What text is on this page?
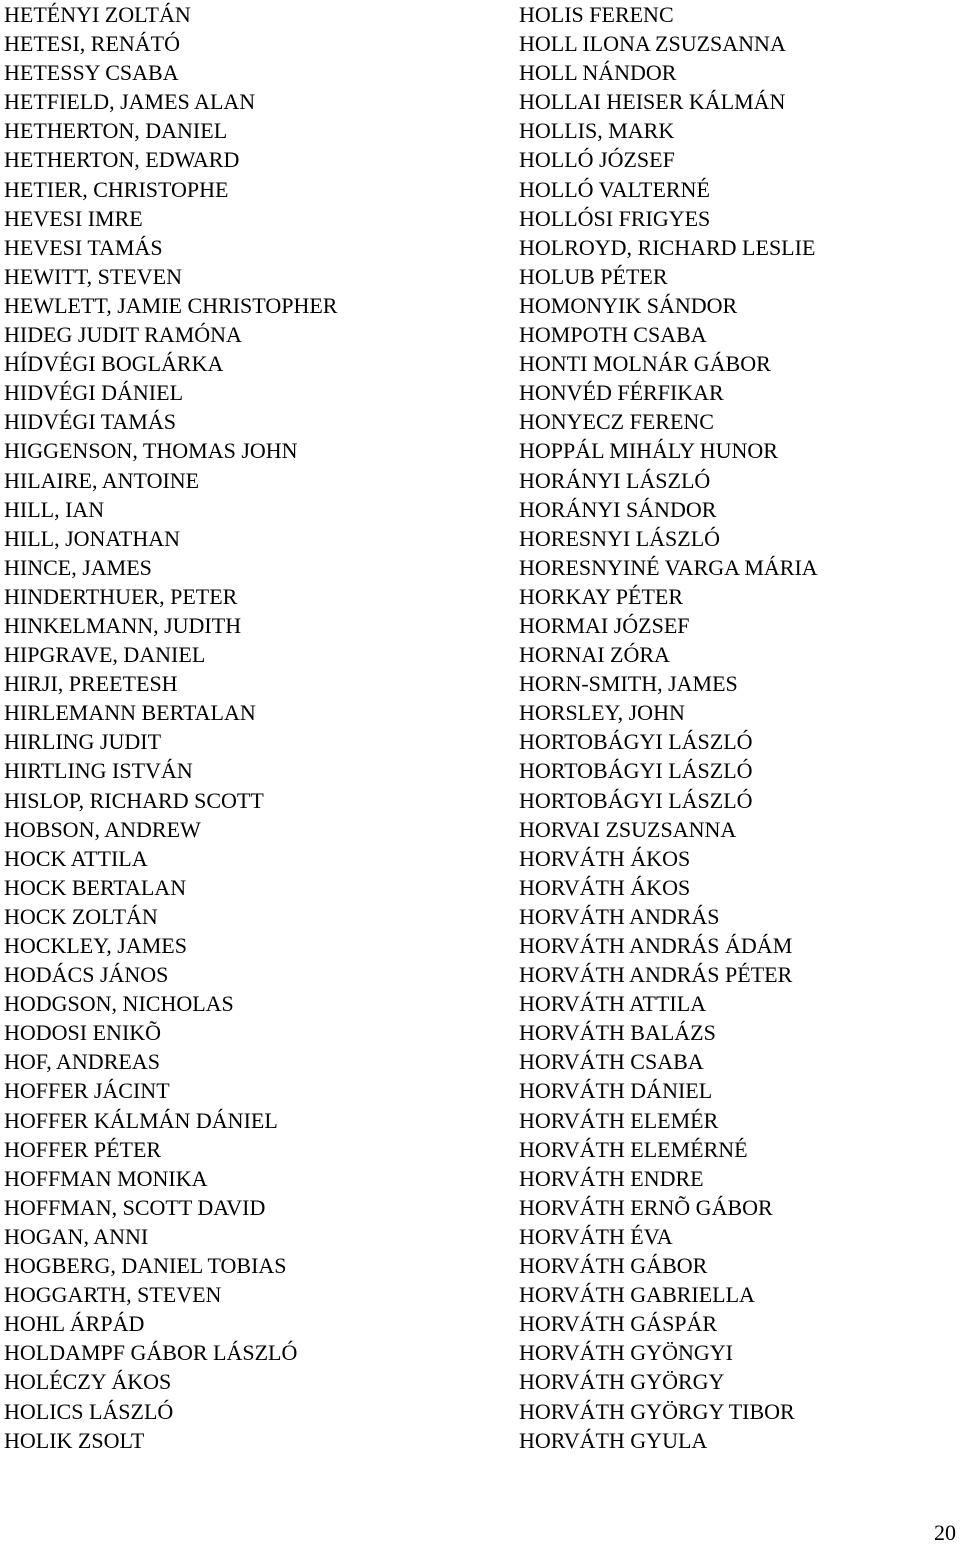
HETÉNYI ZOLTÁN
HETESI, RENÁTÓ
HETESSY CSABA
HETFIELD, JAMES ALAN
HETHERTON, DANIEL
HETHERTON, EDWARD
HETIER, CHRISTOPHE
HEVESI IMRE
HEVESI TAMÁS
HEWITT, STEVEN
HEWLETT, JAMIE CHRISTOPHER
HIDEG JUDIT RAMÓNA
HÍDVÉGI BOGLÁRKA
HIDVÉGI DÁNIEL
HIDVÉGI TAMÁS
HIGGENSON, THOMAS JOHN
HILAIRE, ANTOINE
HILL, IAN
HILL, JONATHAN
HINCE, JAMES
HINDERTHUER, PETER
HINKELMANN, JUDITH
HIPGRAVE, DANIEL
HIRJI, PREETESH
HIRLEMANN BERTALAN
HIRLING JUDIT
HIRTLING ISTVÁN
HISLOP, RICHARD SCOTT
HOBSON, ANDREW
HOCK ATTILA
HOCK BERTALAN
HOCK ZOLTÁN
HOCKLEY, JAMES
HODÁCS JÁNOS
HODGSON, NICHOLAS
HODOSI ENIKÕ
HOF, ANDREAS
HOFFER JÁCINT
HOFFER KÁLMÁN DÁNIEL
HOFFER PÉTER
HOFFMAN MONIKA
HOFFMAN, SCOTT DAVID
HOGAN, ANNI
HOGBERG, DANIEL TOBIAS
HOGGARTH, STEVEN
HOHL ÁRPÁD
HOLDAMPF GÁBOR LÁSZLÓ
HOLÉCZY ÁKOS
HOLICS LÁSZLÓ
HOLIK ZSOLT
HOLIS FERENC
HOLL ILONA ZSUZSANNA
HOLL NÁNDOR
HOLLAI HEISER KÁLMÁN
HOLLIS, MARK
HOLLÓ JÓZSEF
HOLLÓ VALTERNÉ
HOLLÓSI FRIGYES
HOLROYD, RICHARD LESLIE
HOLUB PÉTER
HOMONYIK SÁNDOR
HOMPOTH CSABA
HONTI MOLNÁR GÁBOR
HONVÉD FÉRFIKAR
HONYECZ FERENC
HOPPÁL MIHÁLY HUNOR
HORÁNYI LÁSZLÓ
HORÁNYI SÁNDOR
HORESNYI LÁSZLÓ
HORESNYINÉ VARGA MÁRIA
HORKAY PÉTER
HORMAI JÓZSEF
HORNAI ZÓRA
HORN-SMITH, JAMES
HORSLEY, JOHN
HORTOBÁGYI LÁSZLÓ
HORTOBÁGYI LÁSZLÓ
HORTOBÁGYI LÁSZLÓ
HORVAI ZSUZSANNA
HORVÁTH ÁKOS
HORVÁTH ÁKOS
HORVÁTH ANDRÁS
HORVÁTH ANDRÁS ÁDÁM
HORVÁTH ANDRÁS PÉTER
HORVÁTH ATTILA
HORVÁTH BALÁZS
HORVÁTH CSABA
HORVÁTH DÁNIEL
HORVÁTH ELEMÉR
HORVÁTH ELEMÉRNÉ
HORVÁTH ENDRE
HORVÁTH ERNÕ GÁBOR
HORVÁTH ÉVA
HORVÁTH GÁBOR
HORVÁTH GABRIELLA
HORVÁTH GÁSPÁR
HORVÁTH GYÖNGYI
HORVÁTH GYÖRGY
HORVÁTH GYÖRGY TIBOR
HORVÁTH GYULA
20
